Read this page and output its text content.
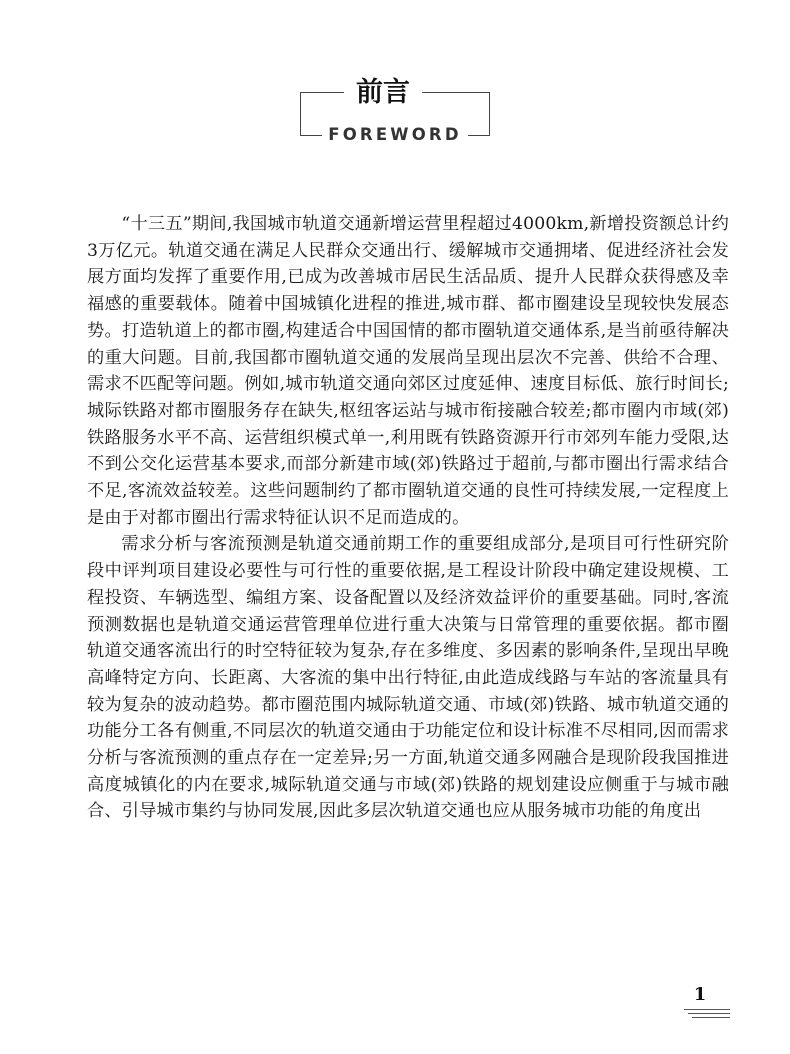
前言
FOREWORD

“十三五”期间,我国城市轨道交通新增运营里程超过4000km,新增投资额总计约3万亿元。轨道交通在满足人民群众交通出行、缓解城市交通拥堵、促进经济社会发展方面均发挥了重要作用,已成为改善城市居民生活品质、提升人民群众获得感及幸福感的重要载体。随着中国城镇化进程的推进,城市群、都市圈建设呈现较快发展态势。打造轨道上的都市圈,构建适合中国国情的都市圈轨道交通体系,是当前亟待解决的重大问题。目前,我国都市圈轨道交通的发展尚呈现出层次不完善、供给不合理、需求不匹配等问题。例如,城市轨道交通向郊区过度延伸、速度目标低、旅行时间长;城际铁路对都市圈服务存在缺失,枢纽客运站与城市衔接融合较差;都市圈内市域(郊)铁路服务水平不高、运营组织模式单一,利用既有铁路资源开行市郊列车能力受限,达不到公交化运营基本要求,而部分新建市域(郊)铁路过于超前,与都市圈出行需求结合不足,客流效益较差。这些问题制约了都市圈轨道交通的良性可持续发展,一定程度上是由于对都市圈出行需求特征认识不足而造成的。

需求分析与客流预测是轨道交通前期工作的重要组成部分,是项目可行性研究阶段中评判项目建设必要性与可行性的重要依据,是工程设计阶段中确定建设规模、工程投资、车辆选型、编组方案、设备配置以及经济效益评价的重要基础。同时,客流预测数据也是轨道交通运营管理单位进行重大决策与日常管理的重要依据。都市圈轨道交通客流出行的时空特征较为复杂,存在多维度、多因素的影响条件,呈现出早晚高峰特定方向、长距离、大客流的集中出行特征,由此造成线路与车站的客流量具有较为复杂的波动趋势。都市圈范围内城际轨道交通、市域(郊)铁路、城市轨道交通的功能分工各有侧重,不同层次的轨道交通由于功能定位和设计标准不尽相同,因而需求分析与客流预测的重点存在一定差异;另一方面,轨道交通多网融合是现阶段我国推进高度城镇化的内在要求,城际轨道交通与市域(郊)铁路的规划建设应侧重于与城市融合、引导城市集约与协同发展,因此多层次轨道交通也应从服务城市功能的角度出

1
